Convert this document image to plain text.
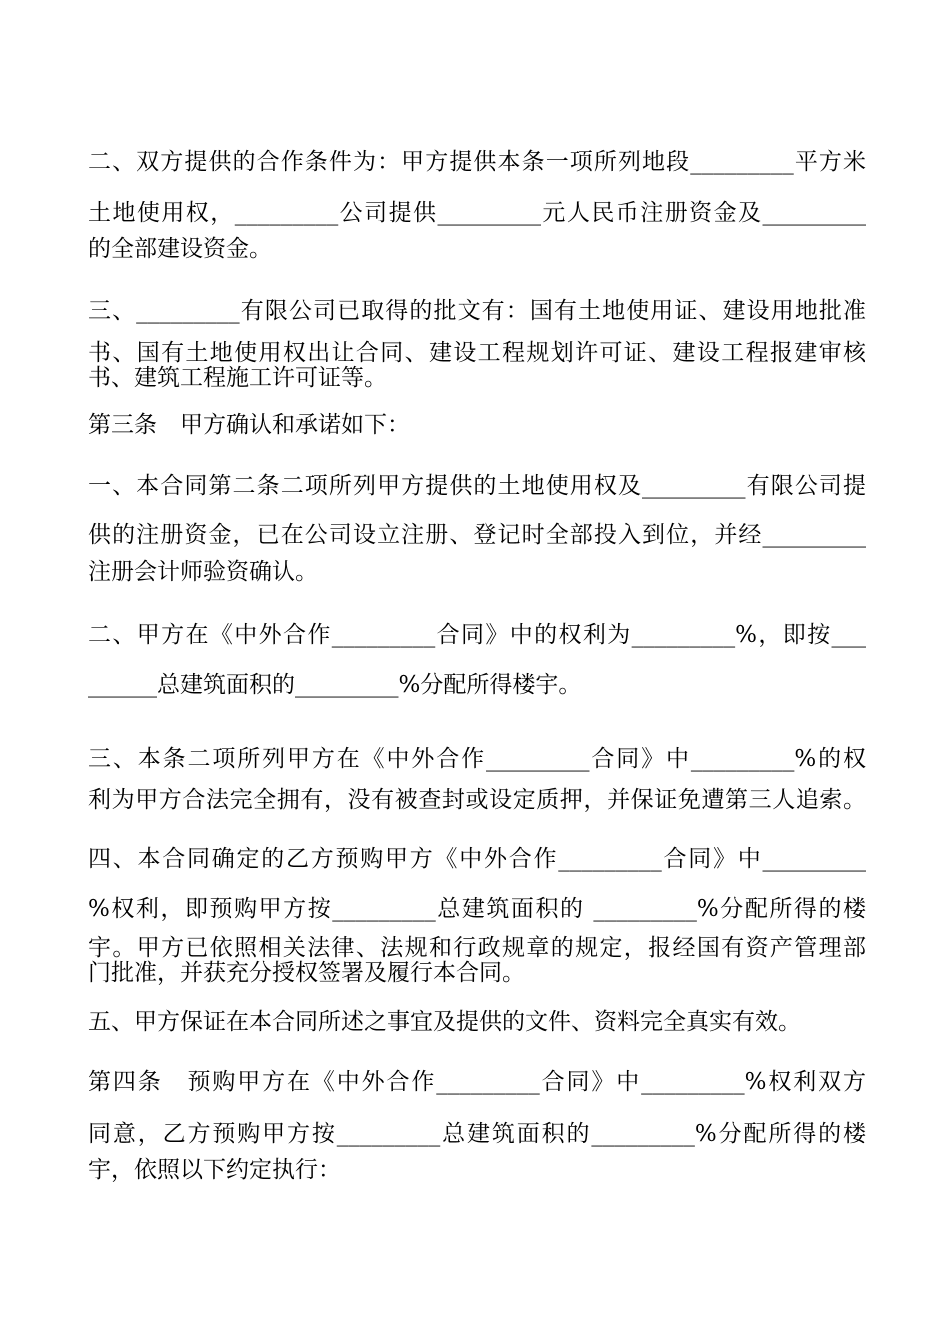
二、双方提供的合作条件为：甲方提供本条一项所列地段_________平方米
土地使用权，_________公司提供_________元人民币注册资金及_________
的全部建设资金。
三、_________有限公司已取得的批文有：国有土地使用证、建设用地批准
书、国有土地使用权出让合同、建设工程规划许可证、建设工程报建审核
书、建筑工程施工许可证等。
第三条　甲方确认和承诺如下：
一、本合同第二条二项所列甲方提供的土地使用权及_________有限公司提
供的注册资金，已在公司设立注册、登记时全部投入到位，并经_________
注册会计师验资确认。
二、甲方在《中外合作_________合同》中的权利为_________%，即按___
______总建筑面积的_________%分配所得楼宇。
三、本条二项所列甲方在《中外合作_________合同》中_________%的权
利为甲方合法完全拥有，没有被查封或设定质押，并保证免遭第三人追索。
四、本合同确定的乙方预购甲方《中外合作_________合同》中_________
%权利，即预购甲方按_________总建筑面积的 _________%分配所得的楼
宇。甲方已依照相关法律、法规和行政规章的规定，报经国有资产管理部
门批准，并获充分授权签署及履行本合同。
五、甲方保证在本合同所述之事宜及提供的文件、资料完全真实有效。
第四条　预购甲方在《中外合作_________合同》中_________%权利双方
同意，乙方预购甲方按_________总建筑面积的_________%分配所得的楼
宇，依照以下约定执行：
